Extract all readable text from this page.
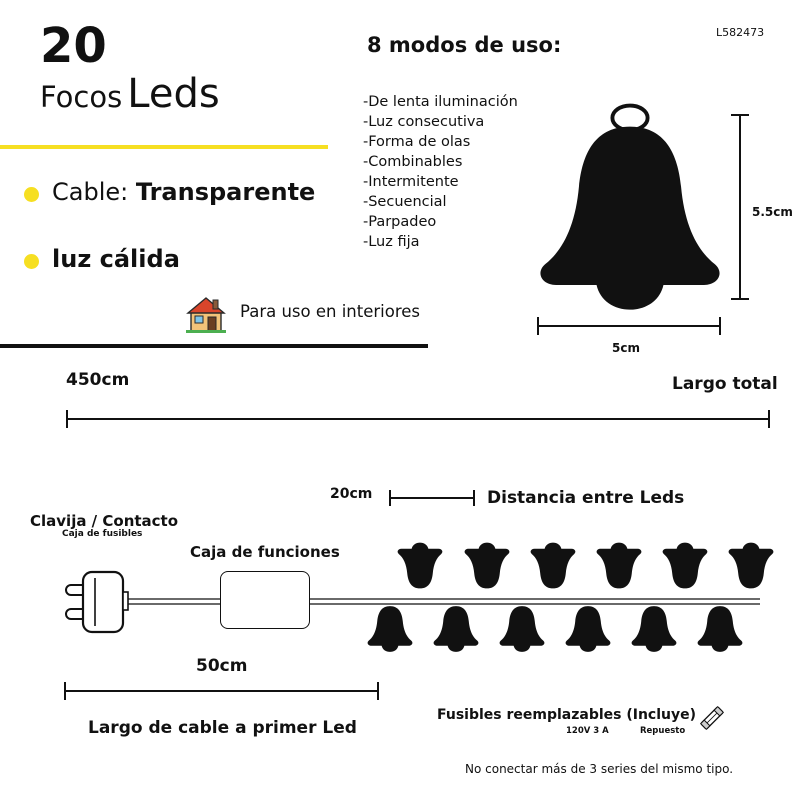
20
Focos Leds
L582473
8 modos de uso:
-De lenta iluminación
-Luz consecutiva
-Forma de olas
-Combinables
-Intermitente
-Secuencial
-Parpadeo
-Luz fija
Cable: Transparente
luz cálida
Para uso en interiores
5.5cm
5cm
450cm	Largo total
20cm	Distancia entre Leds
Clavija / Contacto
Caja de fusibles
Caja de funciones
50cm
Largo de cable a primer Led
Fusibles reemplazables (Incluye)
120V 3 A	Repuesto
No conectar más de 3 series del mismo tipo.
